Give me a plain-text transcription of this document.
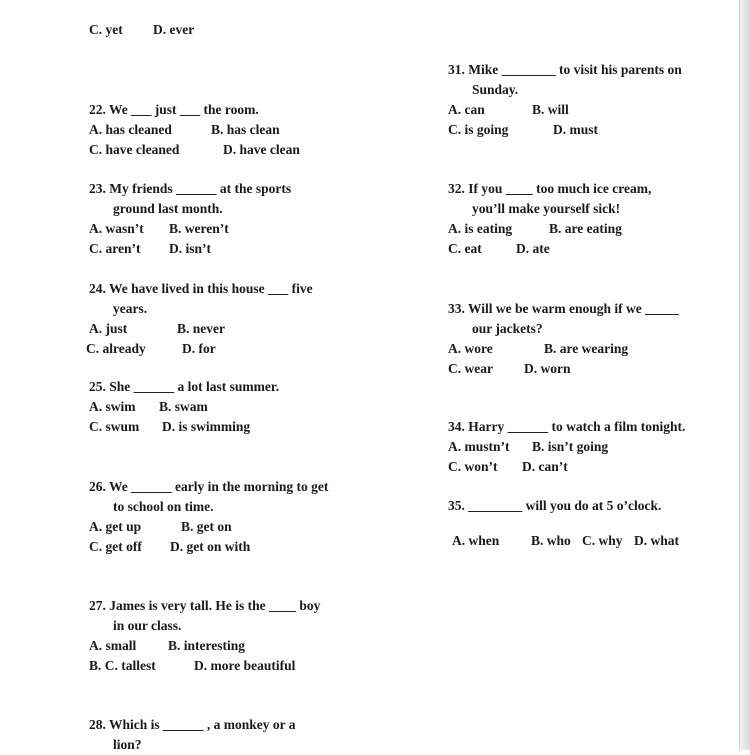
C. yet D. ever
22. We ___ just ___ the room.
A. has cleaned	B. has clean
C. have cleaned	D. have clean
23. My friends ______ at the sports
ground last month.
A. wasn’t B. weren’t
C. aren’t D. isn’t
24. We have lived in this house ___ five
years.
A. just	B. never
C. already	D. for
25. She ______ a lot last summer.
A. swim B. swam
C. swum D. is swimming
26. We ______ early in the morning to get
to school on time.
A. get up	B. get on
C. get off D. get on with
27. James is very tall. He is the ____ boy
in our class.
A. small B. interesting
B. C. tallest	D. more beautiful
28. Which is ______ , a monkey or a
lion?
31. Mike ________ to visit his parents on
Sunday.
A. can	B. will
C. is going	D. must
32. If you ____ too much ice cream,
you’ll make yourself sick!
A. is eating	B. are eating
C. eat	D. ate
33. Will we be warm enough if we _____
our jackets?
A. wore	B. are wearing
C. wear D. worn
34. Harry ______ to watch a film tonight.
A. mustn’t B. isn’t going
C. won’t D. can’t
35. ________ will you do at 5 o’clock.
A. when B. who C. why D. what
